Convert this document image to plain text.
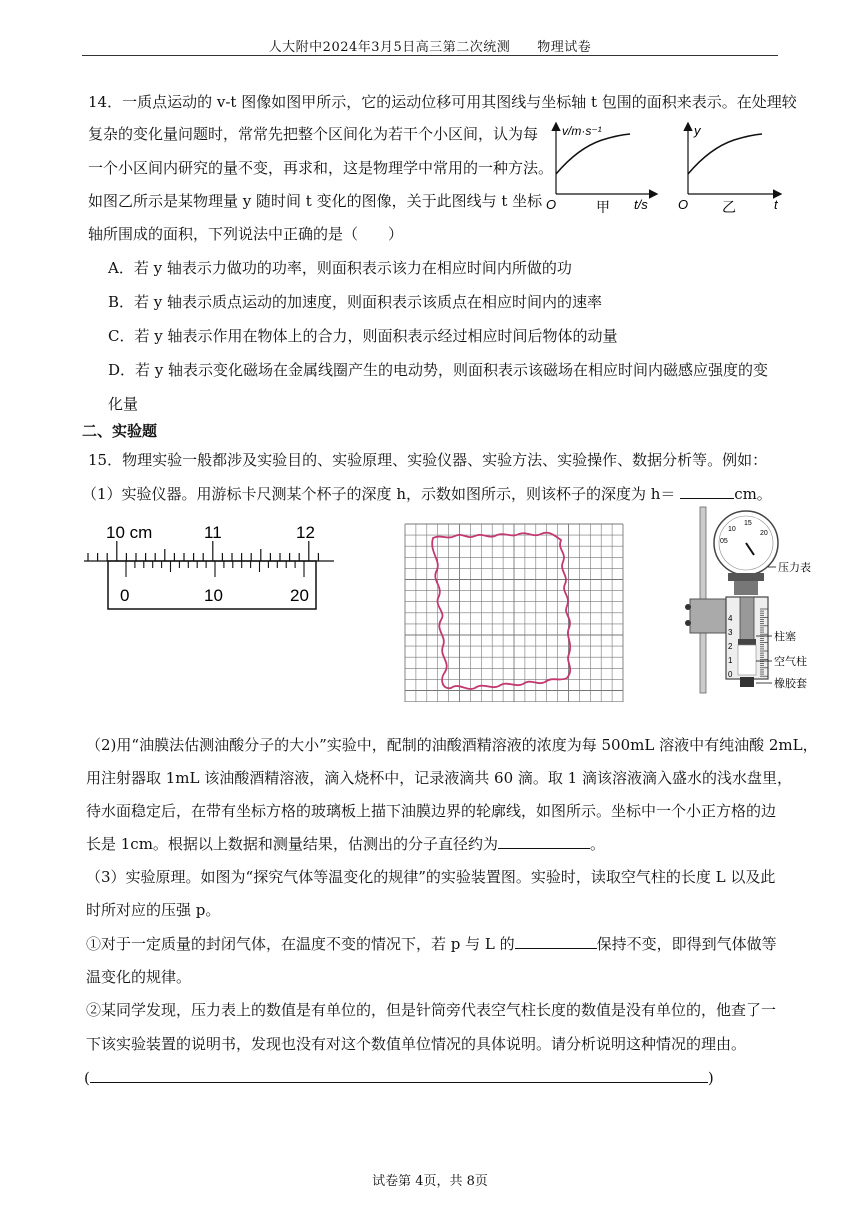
人大附中2024年3月5日高三第二次统测　　物理试卷
14．一质点运动的 v-t 图像如图甲所示，它的运动位移可用其图线与坐标轴 t 包围的面积来表示。在处理较
复杂的变化量问题时，常常先把整个区间化为若干个小区间，认为每
一个小区间内研究的量不变，再求和，这是物理学中常用的一种方法。
如图乙所示是某物理量 y 随时间 t 变化的图像，关于此图线与 t 坐标
轴所围成的面积，下列说法中正确的是（　　）
v/m·s⁻¹
O	t/s
甲
y
O	t
乙
A．若 y 轴表示力做功的功率，则面积表示该力在相应时间内所做的功
B．若 y 轴表示质点运动的加速度，则面积表示该质点在相应时间内的速率
C．若 y 轴表示作用在物体上的合力，则面积表示经过相应时间后物体的动量
D．若 y 轴表示变化磁场在金属线圈产生的电动势，则面积表示该磁场在相应时间内磁感应强度的变
化量
二、实验题
15．物理实验一般都涉及实验目的、实验原理、实验仪器、实验方法、实验操作、数据分析等。例如：
（1）实验仪器。用游标卡尺测某个杯子的深度 h，示数如图所示，则该杯子的深度为 h＝	cm。
10 cm	11	12
0	10	20
10
15
20
05
4
3
2
1
0
压力表
柱塞
空气柱
橡胶套
（2)用“油膜法估测油酸分子的大小”实验中，配制的油酸酒精溶液的浓度为每 500mL 溶液中有纯油酸 2mL，
用注射器取 1mL 该油酸酒精溶液，滴入烧杯中，记录液滴共 60 滴。取 1 滴该溶液滴入盛水的浅水盘里，
待水面稳定后，在带有坐标方格的玻璃板上描下油膜边界的轮廓线，如图所示。坐标中一个小正方格的边
长是 1cm。根据以上数据和测量结果，估测出的分子直径约为	。
（3）实验原理。如图为“探究气体等温变化的规律”的实验装置图。实验时，读取空气柱的长度 L 以及此
时所对应的压强 p。
①对于一定质量的封闭气体，在温度不变的情况下，若 p 与 L 的	保持不变，即得到气体做等
温变化的规律。
②某同学发现，压力表上的数值是有单位的，但是针筒旁代表空气柱长度的数值是没有单位的，他查了一
下该实验装置的说明书，发现也没有对这个数值单位情况的具体说明。请分析说明这种情况的理由。
(	)
试卷第 4页，共 8页
